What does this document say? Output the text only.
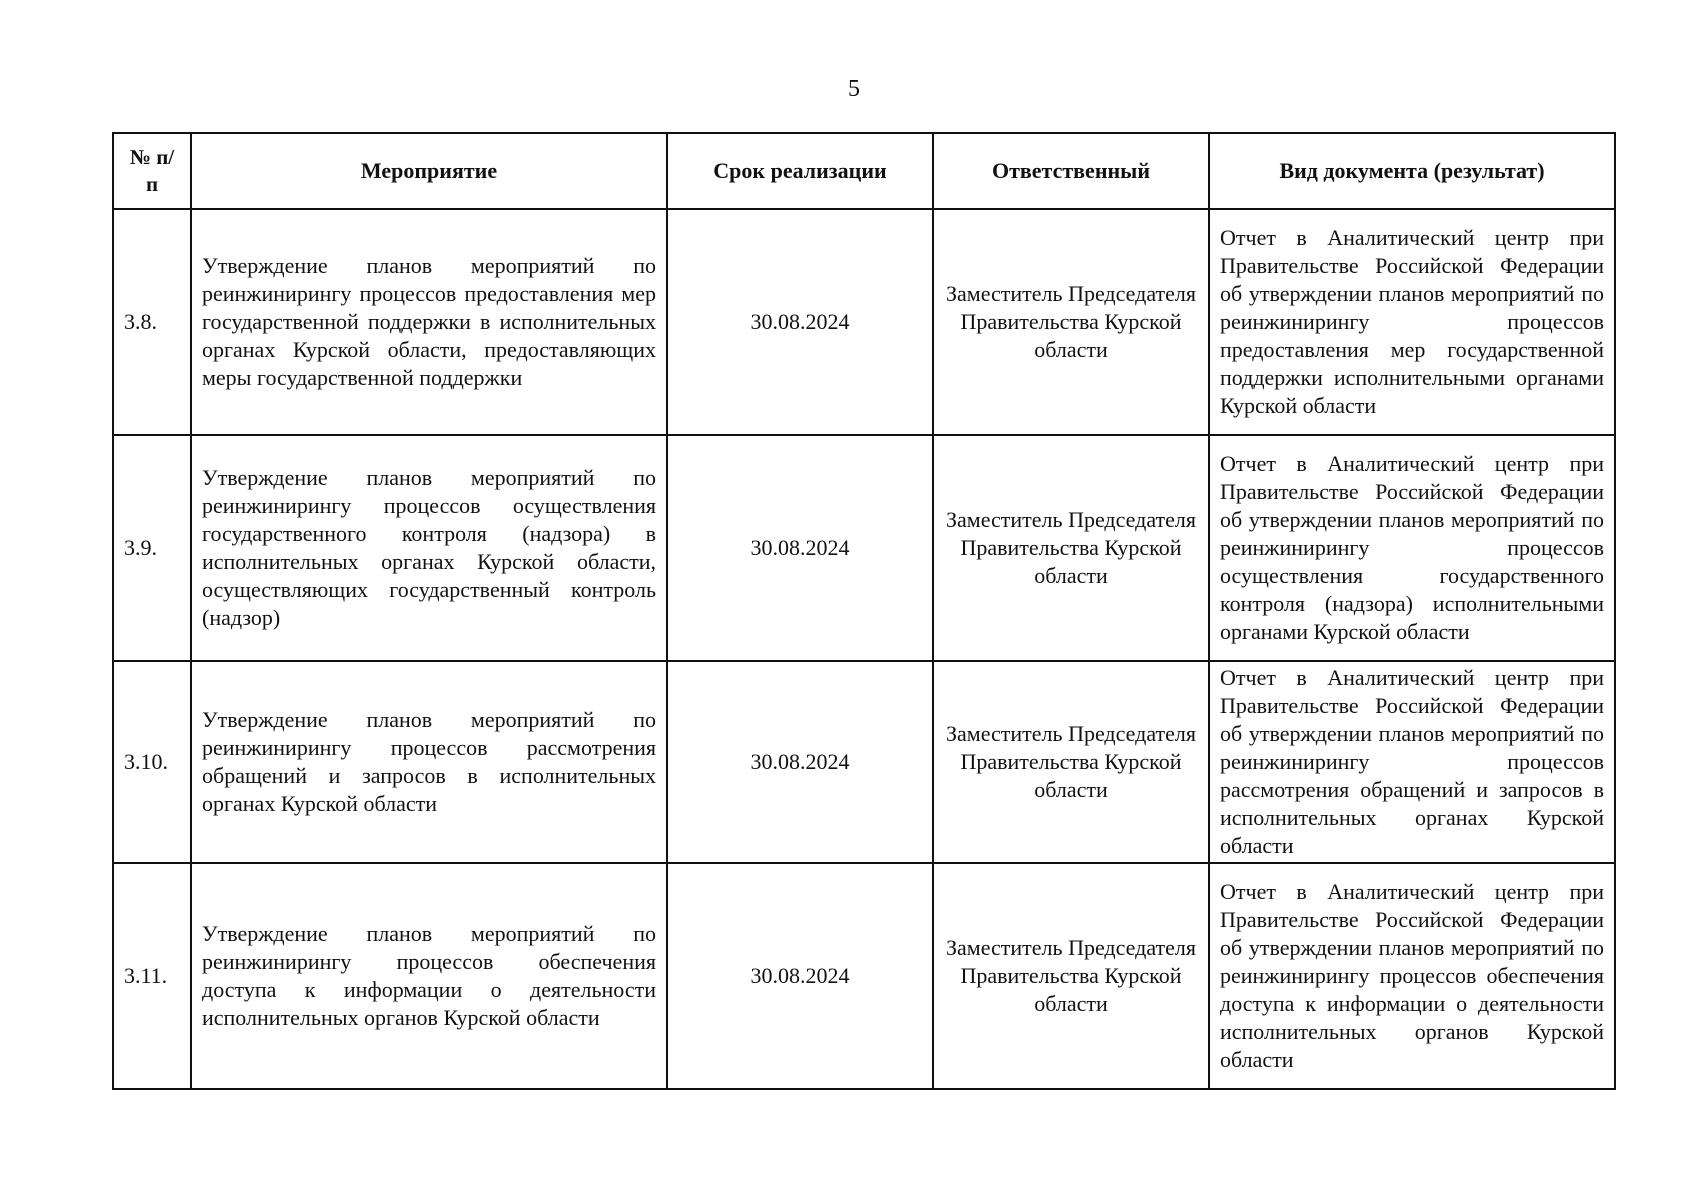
5
№ п/п	Мероприятие	Срок реализации	Ответственный	Вид документа (результат)
3.8.	Утверждение планов мероприятий по реинжинирингу процессов предоставления мер государственной поддержки в исполнительных органах Курской области, предоставляющих меры государственной поддержки	30.08.2024	Заместитель Председателя Правительства Курской области	Отчет в Аналитический центр при Правительстве Российской Федерации об утверждении планов мероприятий по реинжинирингу процессов предоставления мер государственной поддержки исполнительными органами Курской области
3.9.	Утверждение планов мероприятий по реинжинирингу процессов осуществления государственного контроля (надзора) в исполнительных органах Курской области, осуществляющих государственный контроль (надзор)	30.08.2024	Заместитель Председателя Правительства Курской области	Отчет в Аналитический центр при Правительстве Российской Федерации об утверждении планов мероприятий по реинжинирингу процессов осуществления государственного контроля (надзора) исполнительными органами Курской области
3.10.	Утверждение планов мероприятий по реинжинирингу процессов рассмотрения обращений и запросов в исполнительных органах Курской области	30.08.2024	Заместитель Председателя Правительства Курской области	Отчет в Аналитический центр при Правительстве Российской Федерации об утверждении планов мероприятий по реинжинирингу процессов рассмотрения обращений и запросов в исполнительных органах Курской области
3.11.	Утверждение планов мероприятий по реинжинирингу процессов обеспечения доступа к информации о деятельности исполнительных органов Курской области	30.08.2024	Заместитель Председателя Правительства Курской области	Отчет в Аналитический центр при Правительстве Российской Федерации об утверждении планов мероприятий по реинжинирингу процессов обеспечения доступа к информации о деятельности исполнительных органов Курской области
